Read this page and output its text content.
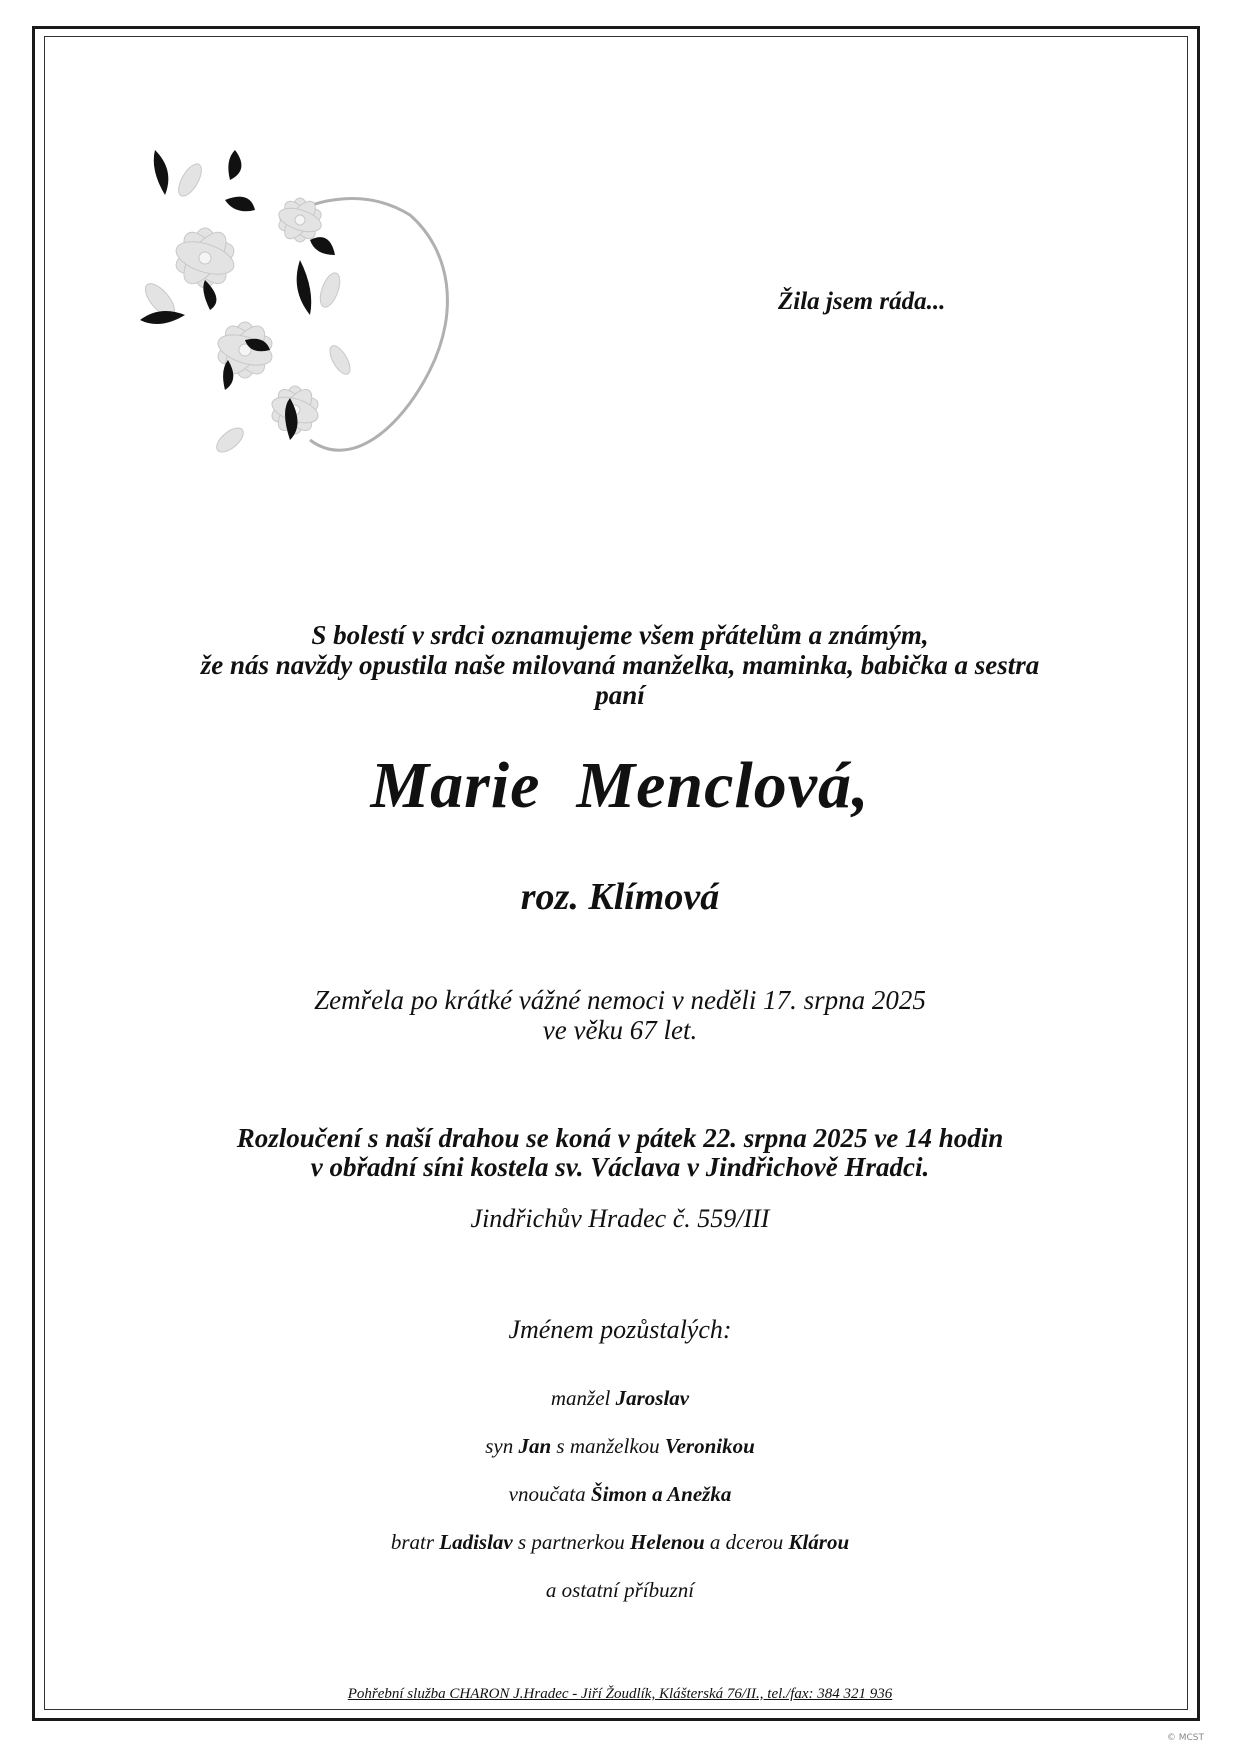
Žila jsem ráda...
S bolestí v srdci oznamujeme všem přátelům a známým,
že nás navždy opustila naše milovaná manželka, maminka, babička a sestra
paní
Marie Menclová,
roz. Klímová
Zemřela po krátké vážné nemoci v neděli 17. srpna 2025
ve věku 67 let.
Rozloučení s naší drahou se koná v pátek 22. srpna 2025 ve 14 hodin
v obřadní síni kostela sv. Václava v Jindřichově Hradci.
Jindřichův Hradec č. 559/III
Jménem pozůstalých:
manžel Jaroslav
syn Jan s manželkou Veronikou
vnoučata Šimon a Anežka
bratr Ladislav s partnerkou Helenou a dcerou Klárou
a ostatní příbuzní
Pohřební služba CHARON J.Hradec - Jiří Žoudlík, Klášterská 76/II., tel./fax: 384 321 936
© MCST
